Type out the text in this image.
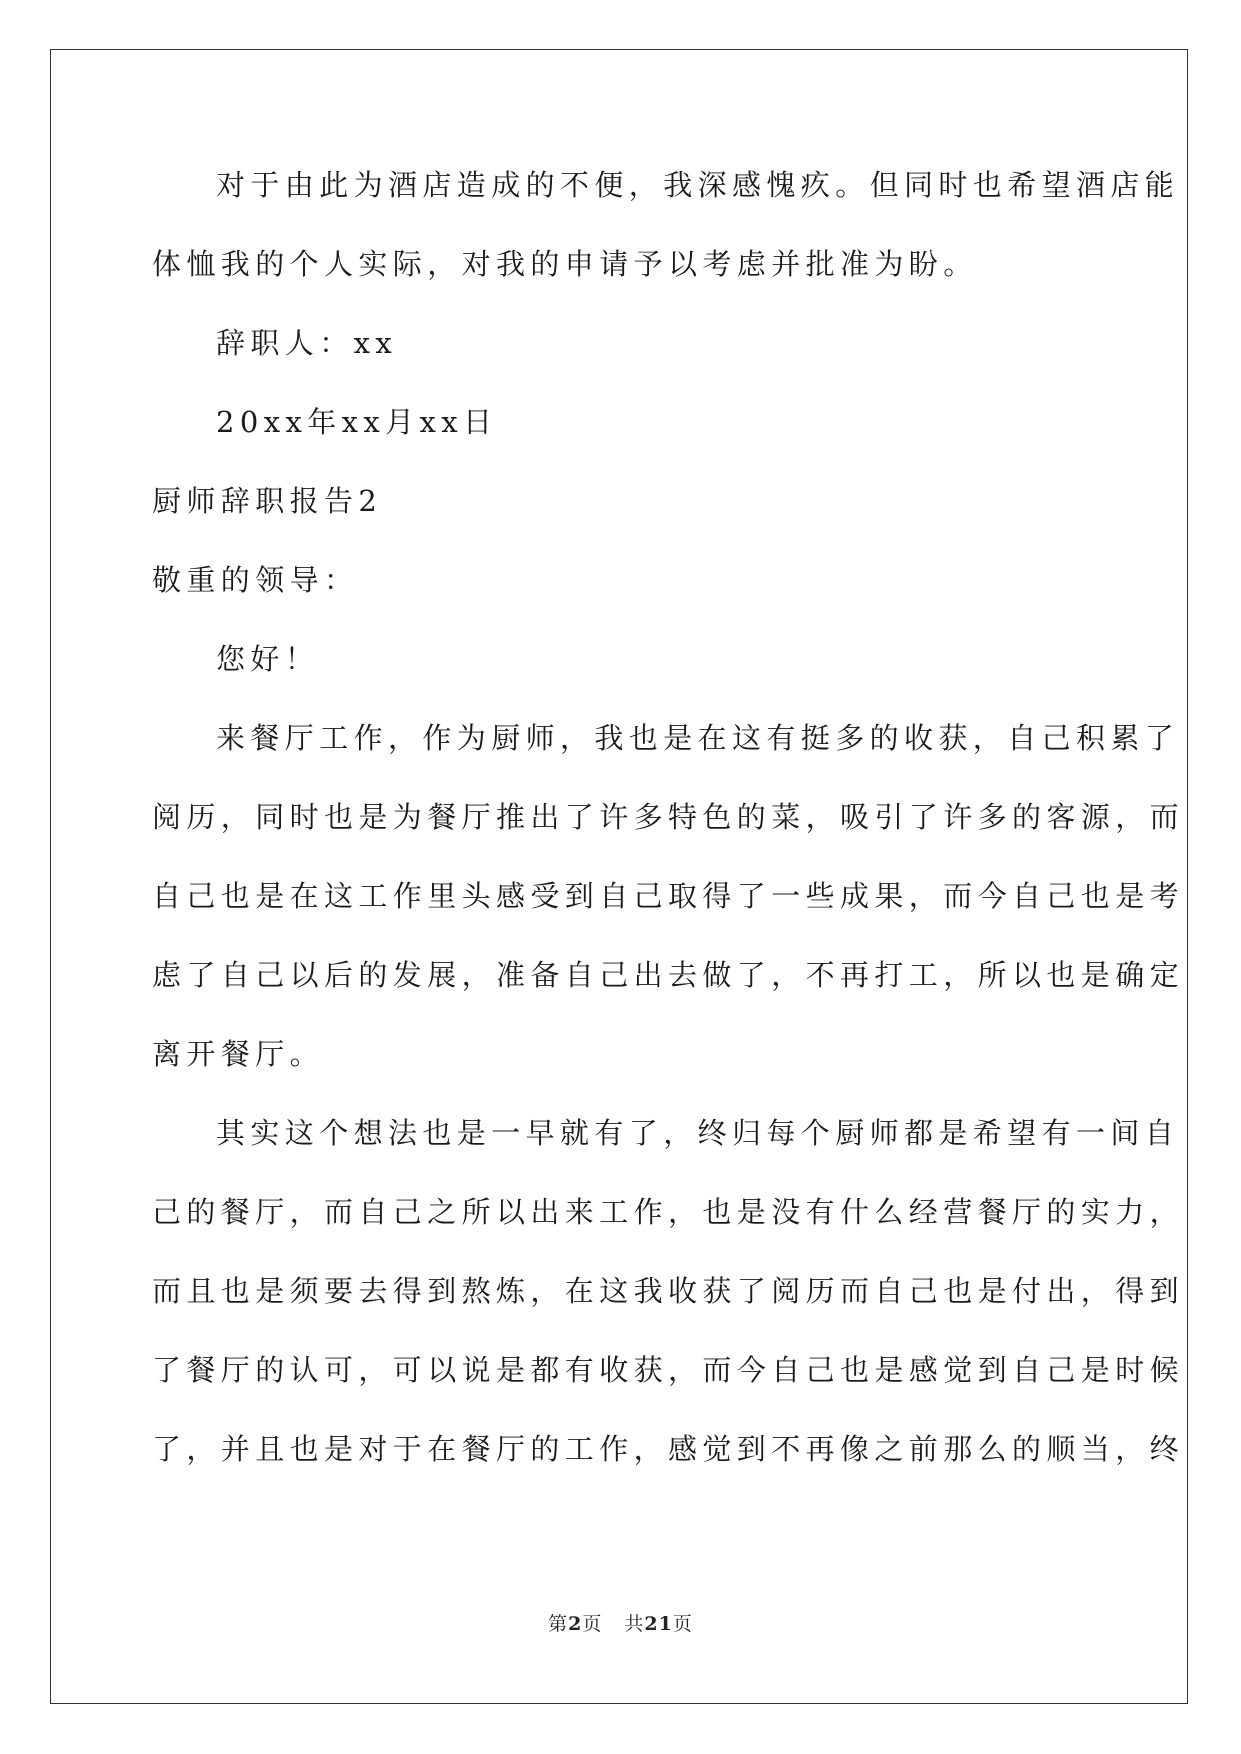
对于由此为酒店造成的不便，我深感愧疚。但同时也希望酒店能
体恤我的个人实际，对我的申请予以考虑并批准为盼。
辞职人：xx
20xx年xx月xx日
厨师辞职报告2
敬重的领导：
您好！
来餐厅工作，作为厨师，我也是在这有挺多的收获，自己积累了
阅历，同时也是为餐厅推出了许多特色的菜，吸引了许多的客源，而
自己也是在这工作里头感受到自己取得了一些成果，而今自己也是考
虑了自己以后的发展，准备自己出去做了，不再打工，所以也是确定
离开餐厅。
其实这个想法也是一早就有了，终归每个厨师都是希望有一间自
己的餐厅，而自己之所以出来工作，也是没有什么经营餐厅的实力，
而且也是须要去得到熬炼，在这我收获了阅历而自己也是付出，得到
了餐厅的认可，可以说是都有收获，而今自己也是感觉到自己是时候
了，并且也是对于在餐厅的工作，感觉到不再像之前那么的顺当，终
第2页 共21页
